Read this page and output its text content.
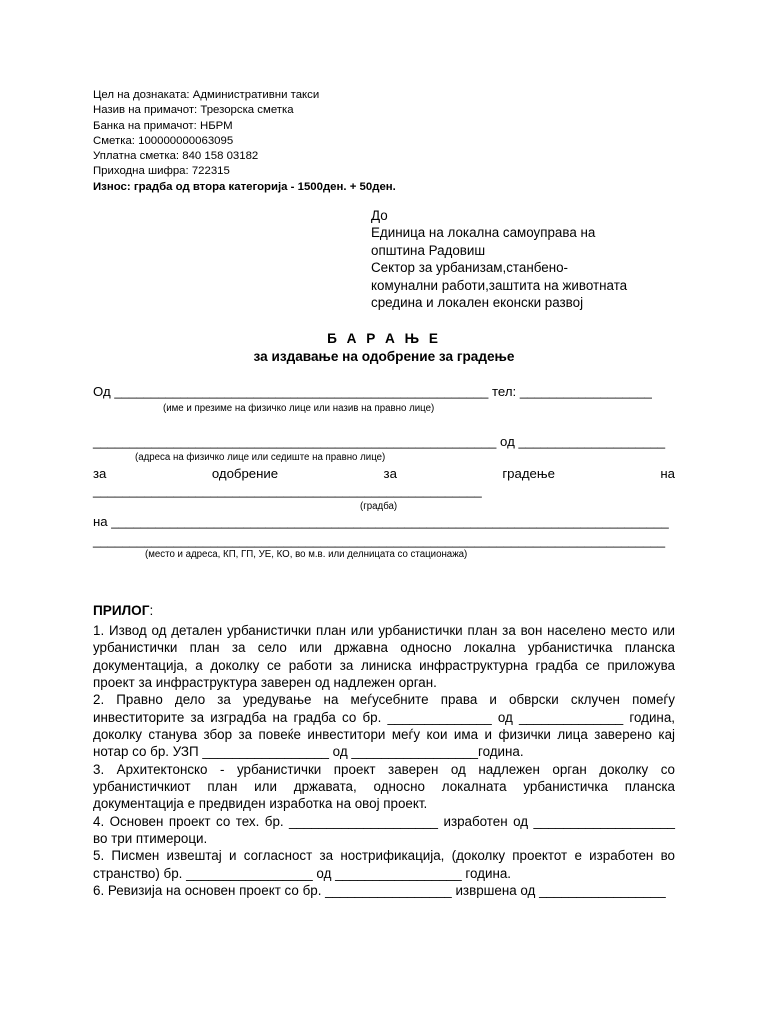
Цел на дознаката: Административни такси
Назив на примачот: Трезорска сметка
Банка на примачот: НБРМ
Сметка: 100000000063095
Уплатна сметка: 840 158 03182
Приходна шифра: 722315
Износ: градба од втора категорија - 1500ден. + 50ден.
До
Единица на локална самоуправа на
општина Радовиш
Сектор за урбанизам,станбено-
комунални работи,заштита на животната
средина и локален еконски развој
Б А Р А Њ Е
за издавање на одобрение за градење
Од ___________________________________________________ тел: __________________
(име и презиме на физичко лице или назив на правно лице)
_______________________________________________________ од ____________________
(адреса на физичко лице или седиште на правно лице)
за	одобрение	за	градење	на
_____________________________________________________
(градба)
на ____________________________________________________________________________
______________________________________________________________________________
(место и адреса, КП, ГП, УЕ, КО, во м.в. или делницата со стационажа)
ПРИЛОГ:

1. Извод од детален урбанистички план или урбанистички план за вон населено место или урбанистички план за село или државна односно локална урбанистичка планска документација, а доколку се работи за линиска инфраструктурна градба се приложува проект за инфраструктура заверен од надлежен орган.

2. Правно дело за уредување на меѓусебните права и обврски склучен помеѓу инвеститорите за изградба на градба со бр. ______________ од ______________ година, доколку станува збор за повеќе инвеститори меѓу кои има и физички лица заверено кај нотар со бр. УЗП _________________ од _________________година.

3. Архитектонско - урбанистички проект заверен од надлежен орган доколку со урбанистичкиот план или државата, односно локалната урбанистичка планска документација е предвиден изработка на овој проект.

4. Основен проект со тех. бр. ____________________ изработен од ___________________ во три птимероци.

5. Писмен извештај и согласност за нострификација, (доколку проектот е изработен во странство) бр. _________________ од _________________ година.

6. Ревизија на основен проект со бр. _________________ извршена од _________________
